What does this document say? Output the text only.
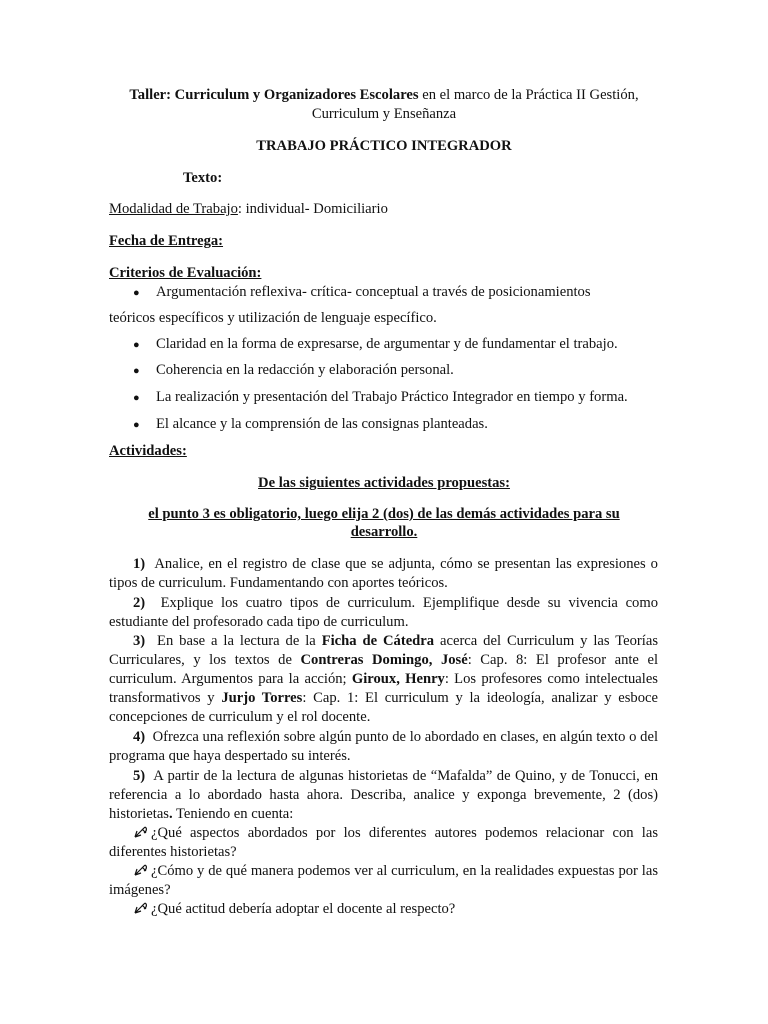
Taller: Curriculum y Organizadores Escolares en el marco de la Práctica II Gestión,
Curriculum y Enseñanza
TRABAJO PRÁCTICO INTEGRADOR
Texto:
Modalidad de Trabajo: individual- Domiciliario
Fecha de Entrega:
Criterios de Evaluación:
● Argumentación reflexiva- crítica- conceptual a través de posicionamientos
teóricos específicos y utilización de lenguaje específico.
● Claridad en la forma de expresarse, de argumentar y de fundamentar el trabajo.
● Coherencia en la redacción y elaboración personal.
● La realización y presentación del Trabajo Práctico Integrador en tiempo y forma.
● El alcance y la comprensión de las consignas planteadas.
Actividades:
De las siguientes actividades propuestas:
el punto 3 es obligatorio, luego elija 2 (dos) de las demás actividades para su
desarrollo.
1) Analice, en el registro de clase que se adjunta, cómo se presentan las expresiones o tipos de curriculum. Fundamentando con aportes teóricos.
2) Explique los cuatro tipos de curriculum. Ejemplifique desde su vivencia como estudiante del profesorado cada tipo de curriculum.
3) En base a la lectura de la Ficha de Cátedra acerca del Curriculum y las Teorías Curriculares, y los textos de Contreras Domingo, José: Cap. 8: El profesor ante el curriculum. Argumentos para la acción; Giroux, Henry: Los profesores como intelectuales transformativos y Jurjo Torres: Cap. 1: El curriculum y la ideología, analizar y esboce concepciones de curriculum y el rol docente.
4) Ofrezca una reflexión sobre algún punto de lo abordado en clases, en algún texto o del programa que haya despertado su interés.
5) A partir de la lectura de algunas historietas de “Mafalda” de Quino, y de Tonucci, en referencia a lo abordado hasta ahora. Describa, analice y exponga brevemente, 2 (dos) historietas. Teniendo en cuenta:
¿Qué aspectos abordados por los diferentes autores podemos relacionar con las diferentes historietas?
¿Cómo y de qué manera podemos ver al curriculum, en la realidades expuestas por las imágenes?
¿Qué actitud debería adoptar el docente al respecto?
